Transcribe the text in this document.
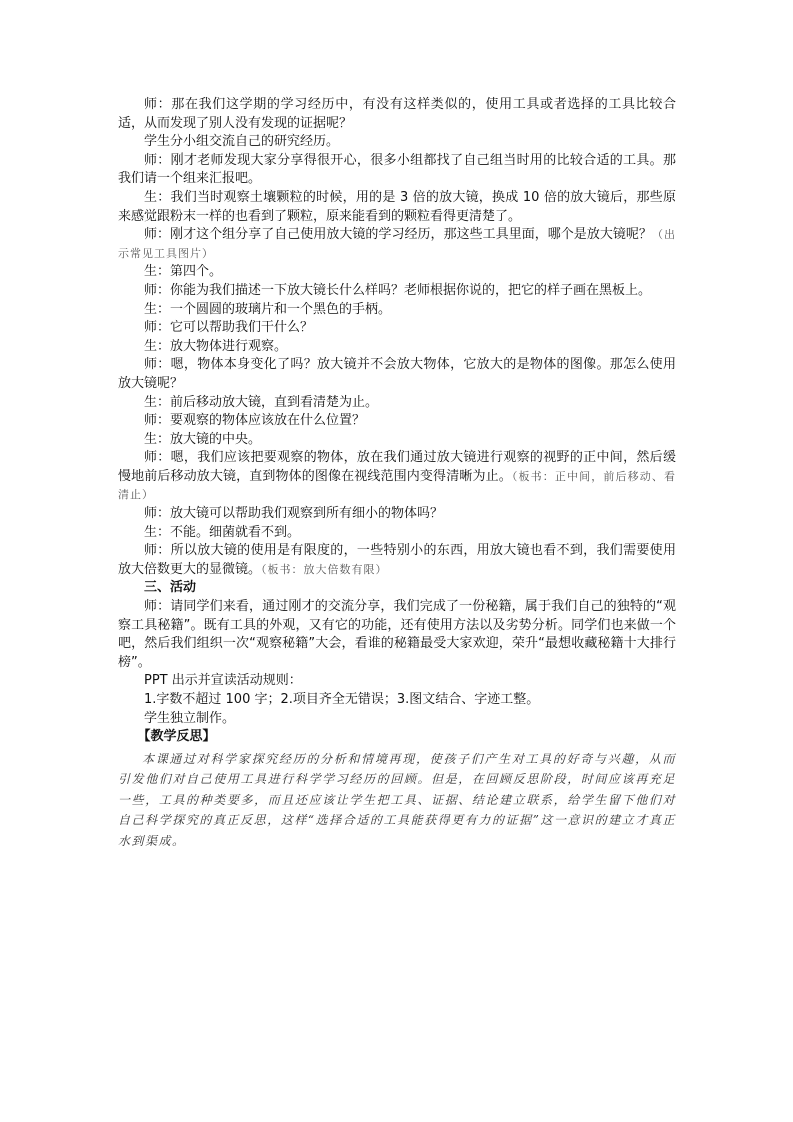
师：那在我们这学期的学习经历中，有没有这样类似的，使用工具或者选择的工具比较合适，从而发现了别人没有发现的证据呢？

学生分小组交流自己的研究经历。

师：刚才老师发现大家分享得很开心，很多小组都找了自己组当时用的比较合适的工具。那我们请一个组来汇报吧。

生：我们当时观察土壤颗粒的时候，用的是 3 倍的放大镜，换成 10 倍的放大镜后，那些原来感觉跟粉末一样的也看到了颗粒，原来能看到的颗粒看得更清楚了。

师：刚才这个组分享了自己使用放大镜的学习经历，那这些工具里面，哪个是放大镜呢？（出示常见工具图片）

生：第四个。

师：你能为我们描述一下放大镜长什么样吗？老师根据你说的，把它的样子画在黑板上。

生：一个圆圆的玻璃片和一个黑色的手柄。

师：它可以帮助我们干什么？

生：放大物体进行观察。

师：嗯，物体本身变化了吗？放大镜并不会放大物体，它放大的是物体的图像。那怎么使用放大镜呢？

生：前后移动放大镜，直到看清楚为止。

师：要观察的物体应该放在什么位置？

生：放大镜的中央。

师：嗯，我们应该把要观察的物体，放在我们通过放大镜进行观察的视野的正中间，然后缓慢地前后移动放大镜，直到物体的图像在视线范围内变得清晰为止。（板书：正中间，前后移动、看清止）

师：放大镜可以帮助我们观察到所有细小的物体吗？

生：不能。细菌就看不到。

师：所以放大镜的使用是有限度的，一些特别小的东西，用放大镜也看不到，我们需要使用放大倍数更大的显微镜。（板书：放大倍数有限）

三、活动

师：请同学们来看，通过刚才的交流分享，我们完成了一份秘籍，属于我们自己的独特的“观察工具秘籍”。既有工具的外观，又有它的功能，还有使用方法以及劣势分析。同学们也来做一个吧，然后我们组织一次“观察秘籍”大会，看谁的秘籍最受大家欢迎，荣升“最想收藏秘籍十大排行榜”。

PPT 出示并宣读活动规则：

1.字数不超过 100 字；2.项目齐全无错误；3.图文结合、字迹工整。

学生独立制作。

【教学反思】

本课通过对科学家探究经历的分析和情境再现，使孩子们产生对工具的好奇与兴趣，从而引发他们对自己使用工具进行科学学习经历的回顾。但是，在回顾反思阶段，时间应该再充足一些，工具的种类要多，而且还应该让学生把工具、证据、结论建立联系，给学生留下他们对自己科学探究的真正反思，这样“选择合适的工具能获得更有力的证据”这一意识的建立才真正水到渠成。
